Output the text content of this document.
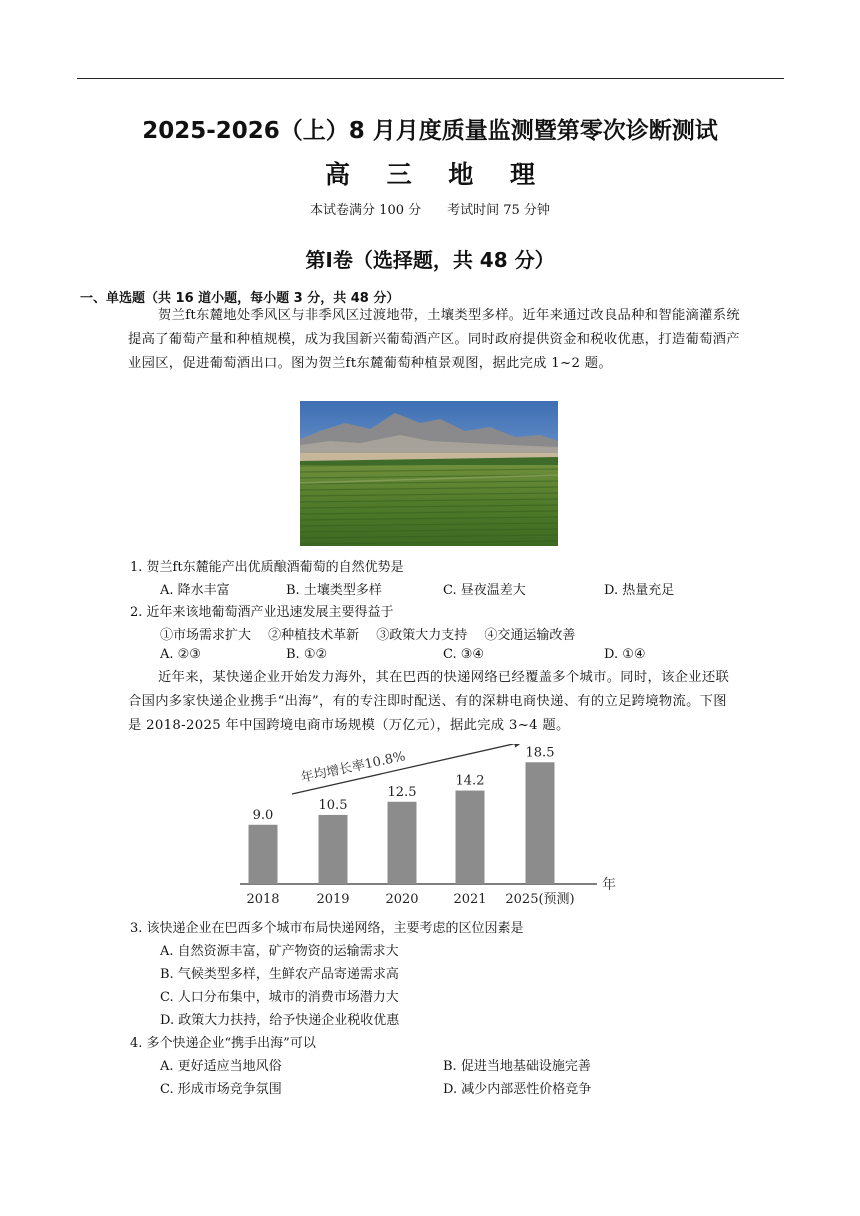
2025-2026（上）8 月月度质量监测暨第零次诊断测试
高 三 地 理
本试卷满分 100 分　　考试时间 75 分钟
第Ⅰ卷（选择题，共 48 分）
一、单选题（共 16 道小题，每小题 3 分，共 48 分）
贺兰ft东麓地处季风区与非季风区过渡地带，土壤类型多样。近年来通过改良品种和智能滴灌系统提高了葡萄产量和种植规模，成为我国新兴葡萄酒产区。同时政府提供资金和税收优惠，打造葡萄酒产业园区，促进葡萄酒出口。图为贺兰ft东麓葡萄种植景观图，据此完成 1~2 题。
1. 贺兰ft东麓能产出优质酿酒葡萄的自然优势是
A. 降水丰富	B. 土壤类型多样	C. 昼夜温差大	D. 热量充足
2. 近年来该地葡萄酒产业迅速发展主要得益于
①市场需求扩大　 ②种植技术革新　 ③政策大力支持　 ④交通运输改善
A. ②③	B. ①②	C. ③④	D. ①④
近年来，某快递企业开始发力海外，其在巴西的快递网络已经覆盖多个城市。同时，该企业还联合国内多家快递企业携手“出海”，有的专注即时配送、有的深耕电商快递、有的立足跨境物流。下图是 2018-2025 年中国跨境电商市场规模（万亿元），据此完成 3~4 题。
年
年均增长率10.8%
9.0
2018
10.5
2019
12.5
2020
14.2
2021
18.5
2025(预测)
3. 该快递企业在巴西多个城市布局快递网络，主要考虑的区位因素是
A. 自然资源丰富，矿产物资的运输需求大
B. 气候类型多样，生鲜农产品寄递需求高
C. 人口分布集中，城市的消费市场潜力大
D. 政策大力扶持，给予快递企业税收优惠
4. 多个快递企业“携手出海”可以
A. 更好适应当地风俗	B. 促进当地基础设施完善
C. 形成市场竞争氛围	D. 减少内部恶性价格竞争
